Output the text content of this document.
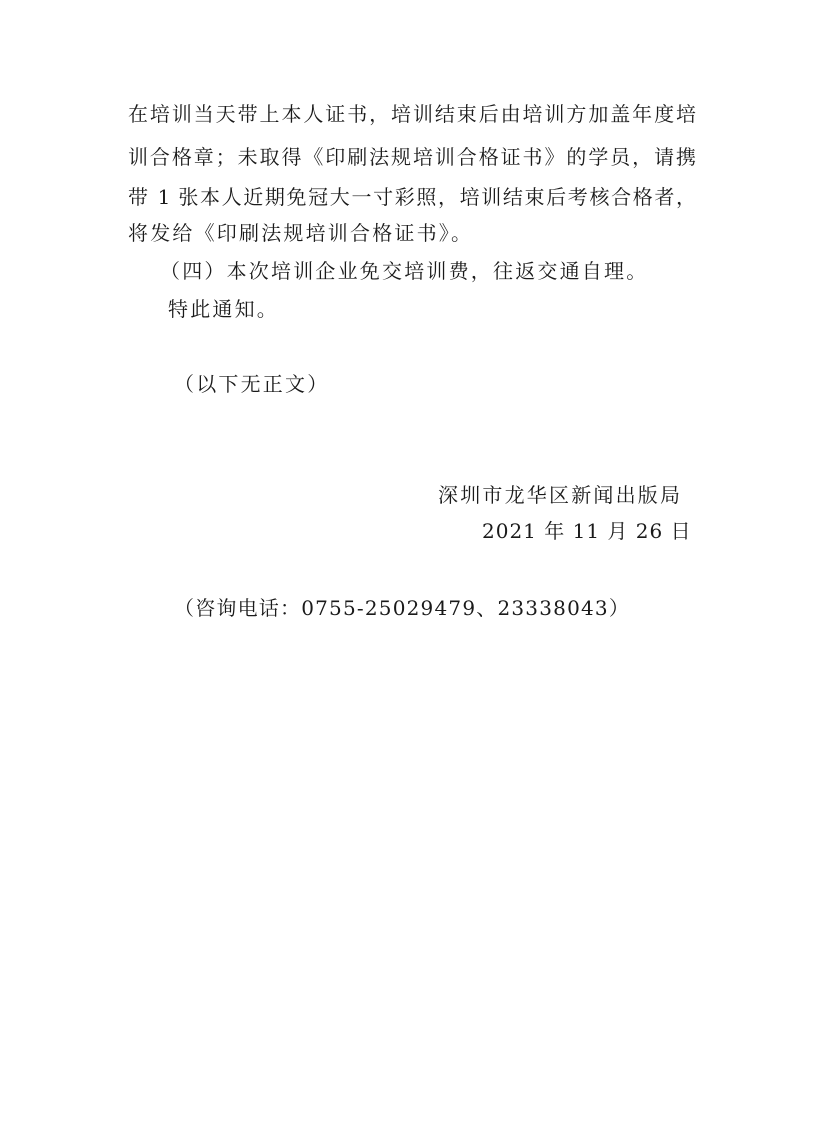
在培训当天带上本人证书，培训结束后由培训方加盖年度培
训合格章；未取得《印刷法规培训合格证书》的学员，请携
带 1 张本人近期免冠大一寸彩照，培训结束后考核合格者，
将发给《印刷法规培训合格证书》。
（四）本次培训企业免交培训费，往返交通自理。
特此通知。
（以下无正文）
深圳市龙华区新闻出版局
2021 年 11 月 26 日
（咨询电话：0755-25029479、23338043）
